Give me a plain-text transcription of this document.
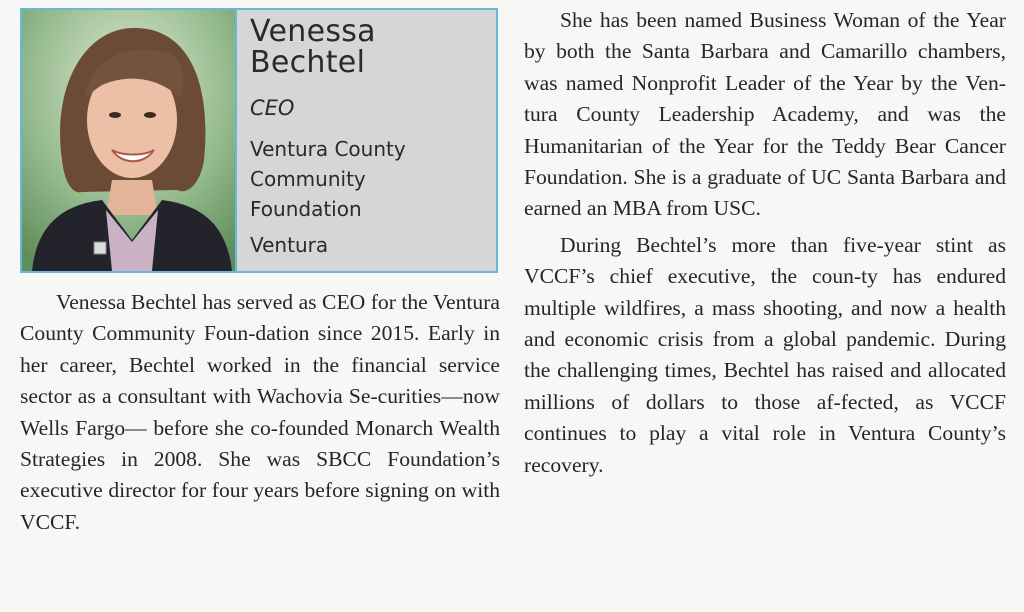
Venessa
Bechtel
CEO
Ventura County
Community
Foundation
Ventura

Venessa Bechtel has served as CEO for the Ventura County Community Foun-dation since 2015. Early in her career, Bechtel worked in the financial service sector as a consultant with Wachovia Se-curities—now Wells Fargo— before she co-founded Monarch Wealth Strategies in 2008. She was SBCC Foundation’s executive director for four years before signing on with VCCF.

She has been named Business Woman of the Year by both the Santa Barbara and Camarillo chambers, was named Nonprofit Leader of the Year by the Ven-tura County Leadership Academy, and was the Humanitarian of the Year for the Teddy Bear Cancer Foundation. She is a graduate of UC Santa Barbara and earned an MBA from USC.

During Bechtel’s more than five-year stint as VCCF’s chief executive, the coun-ty has endured multiple wildfires, a mass shooting, and now a health and economic crisis from a global pandemic. During the challenging times, Bechtel has raised and allocated millions of dollars to those af-fected, as VCCF continues to play a vital role in Ventura County’s recovery.
